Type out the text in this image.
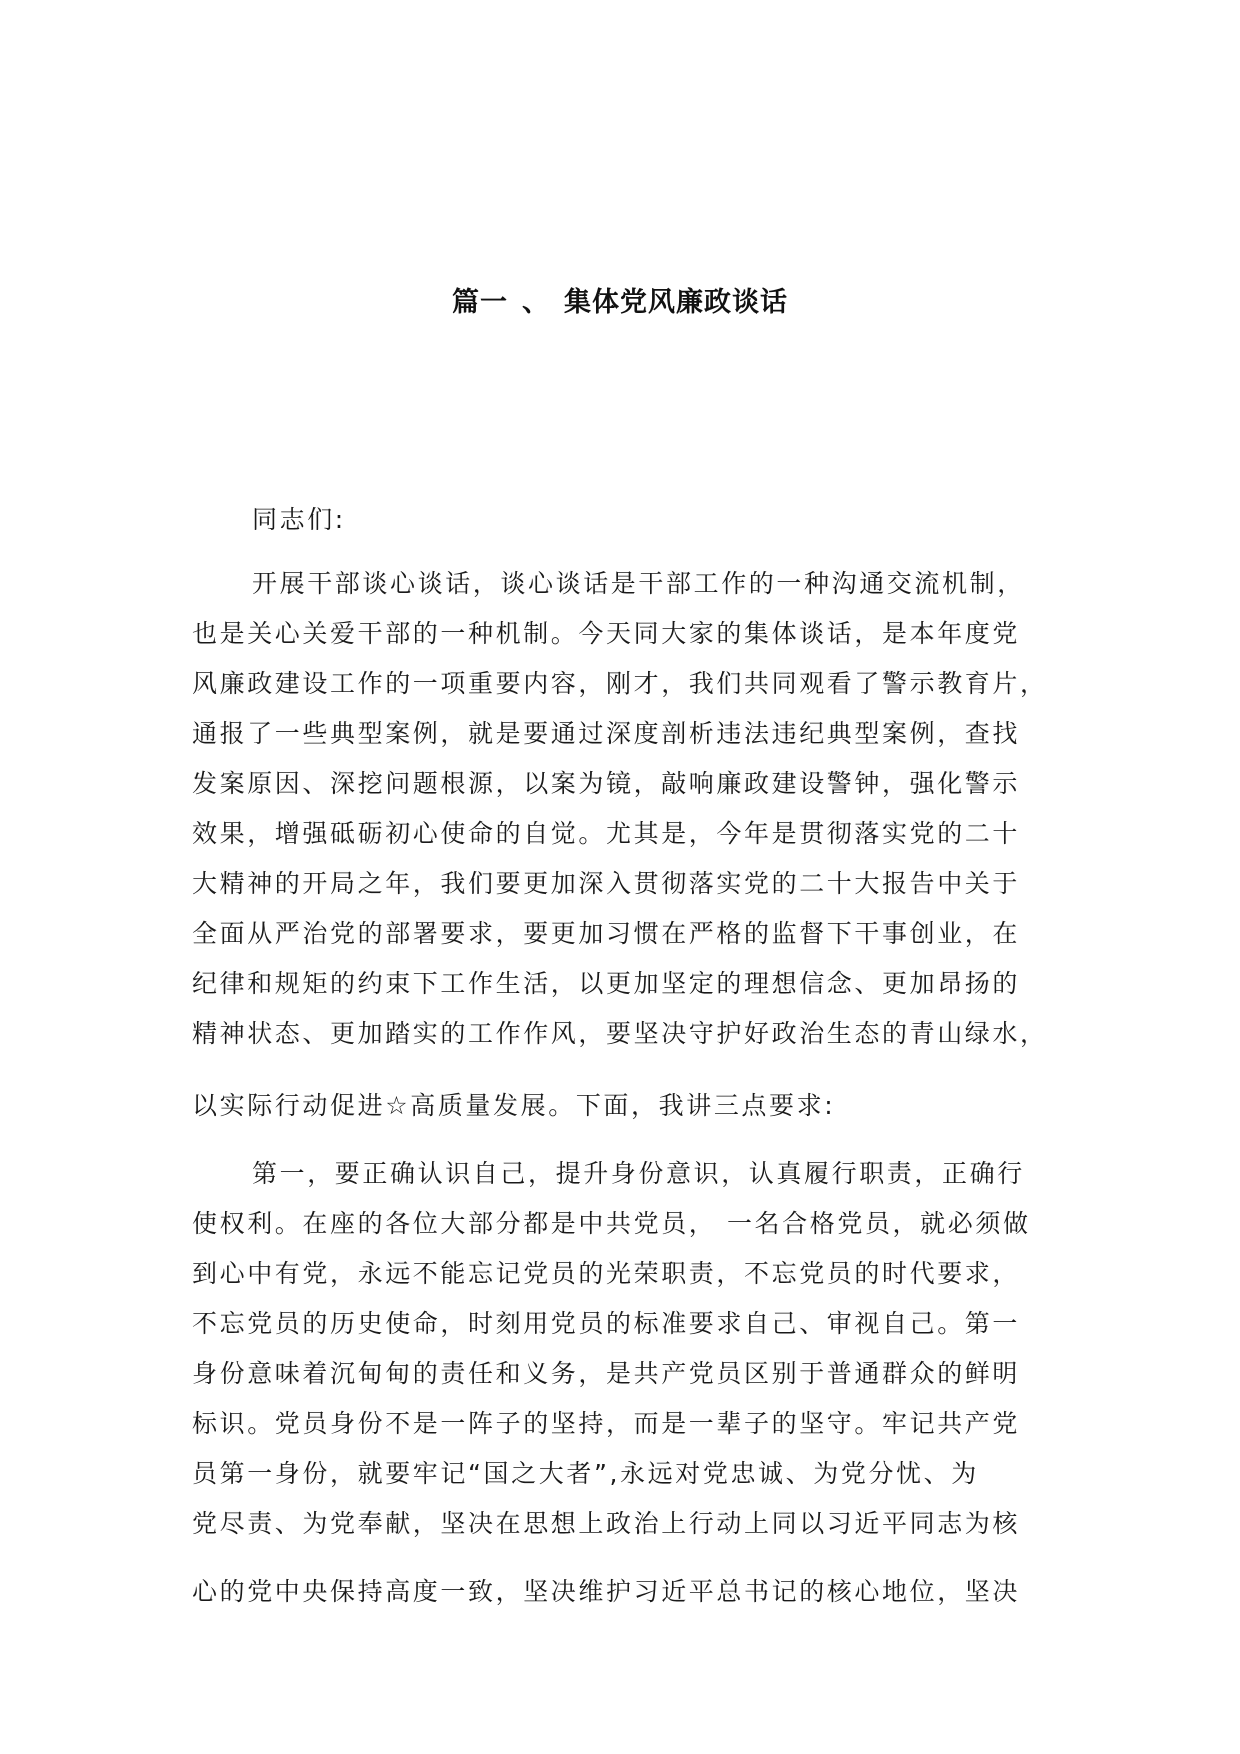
篇一 、 集体党风廉政谈话
同志们:
开展干部谈心谈话，谈心谈话是干部工作的一种沟通交流机制，
也是关心关爱干部的一种机制。今天同大家的集体谈话，是本年度党
风廉政建设工作的一项重要内容，刚才，我们共同观看了警示教育片，
通报了一些典型案例，就是要通过深度剖析违法违纪典型案例，查找
发案原因、深挖问题根源，以案为镜，敲响廉政建设警钟，强化警示
效果，增强砥砺初心使命的自觉。尤其是，今年是贯彻落实党的二十
大精神的开局之年，我们要更加深入贯彻落实党的二十大报告中关于
全面从严治党的部署要求，要更加习惯在严格的监督下干事创业，在
纪律和规矩的约束下工作生活，以更加坚定的理想信念、更加昂扬的
精神状态、更加踏实的工作作风，要坚决守护好政治生态的青山绿水，
以实际行动促进☆高质量发展。下面，我讲三点要求:
第一，要正确认识自己，提升身份意识，认真履行职责，正确行
使权利。在座的各位大部分都是中共党员， 一名合格党员，就必须做
到心中有党，永远不能忘记党员的光荣职责，不忘党员的时代要求，
不忘党员的历史使命，时刻用党员的标准要求自己、审视自己。第一
身份意味着沉甸甸的责任和义务，是共产党员区别于普通群众的鲜明
标识。党员身份不是一阵子的坚持，而是一辈子的坚守。牢记共产党
员第一身份，就要牢记“国之大者”,永远对党忠诚、为党分忧、为
党尽责、为党奉献，坚决在思想上政治上行动上同以习近平同志为核
心的党中央保持高度一致，坚决维护习近平总书记的核心地位，坚决
